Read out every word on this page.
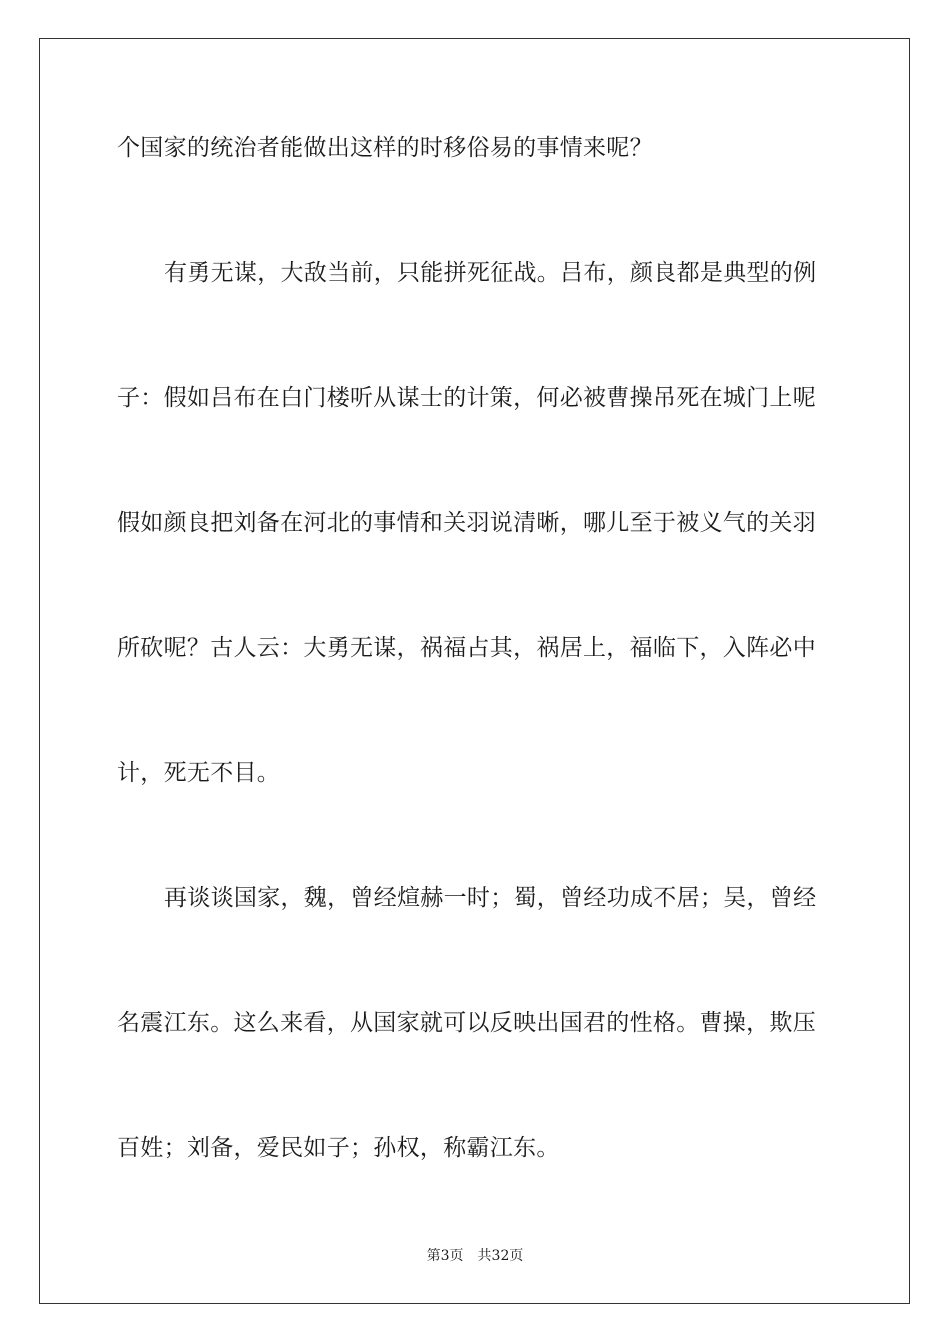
个国家的统治者能做出这样的时移俗易的事情来呢？
有勇无谋，大敌当前，只能拼死征战。吕布，颜良都是典型的例
子：假如吕布在白门楼听从谋士的计策，何必被曹操吊死在城门上呢
假如颜良把刘备在河北的事情和关羽说清晰，哪儿至于被义气的关羽
所砍呢？古人云：大勇无谋，祸福占其，祸居上，福临下，入阵必中
计，死无不目。
再谈谈国家，魏，曾经煊赫一时；蜀，曾经功成不居；吴，曾经
名震江东。这么来看，从国家就可以反映出国君的性格。曹操，欺压
百姓；刘备，爱民如子；孙权，称霸江东。
第3页 共32页
